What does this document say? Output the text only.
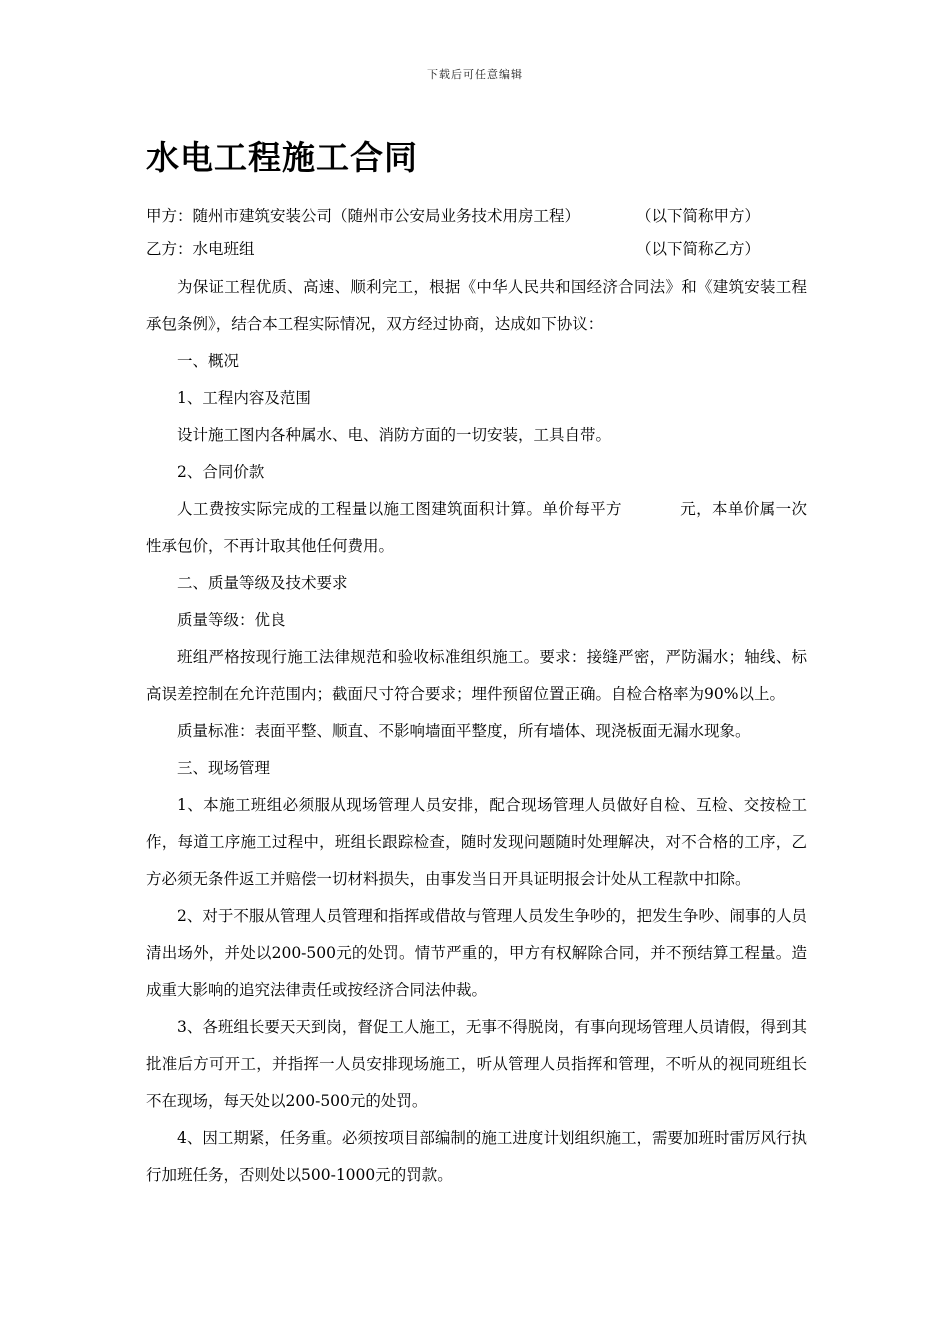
下载后可任意编辑
水电工程施工合同
甲方：随州市建筑安装公司（随州市公安局业务技术用房工程）	（以下简称甲方）
乙方：水电班组	（以下简称乙方）
为保证工程优质、高速、顺利完工，根据《中华人民共和国经济合同法》和《建筑安装工程承包条例》，结合本工程实际情况，双方经过协商，达成如下协议：
一、概况
1、工程内容及范围
设计施工图内各种属水、电、消防方面的一切安装，工具自带。
2、合同价款
人工费按实际完成的工程量以施工图建筑面积计算。单价每平方	元，本单价属一次性承包价，不再计取其他任何费用。
二、质量等级及技术要求
质量等级：优良
班组严格按现行施工法律规范和验收标准组织施工。要求：接缝严密，严防漏水；轴线、标高误差控制在允许范围内；截面尺寸符合要求；埋件预留位置正确。自检合格率为90%以上。
质量标准：表面平整、顺直、不影响墙面平整度，所有墙体、现浇板面无漏水现象。
三、现场管理
1、本施工班组必须服从现场管理人员安排，配合现场管理人员做好自检、互检、交按检工作，每道工序施工过程中，班组长跟踪检查，随时发现问题随时处理解决，对不合格的工序，乙方必须无条件返工并赔偿一切材料损失，由事发当日开具证明报会计处从工程款中扣除。
2、对于不服从管理人员管理和指挥或借故与管理人员发生争吵的，把发生争吵、闹事的人员清出场外，并处以200-500元的处罚。情节严重的，甲方有权解除合同，并不预结算工程量。造成重大影响的追究法律责任或按经济合同法仲裁。
3、各班组长要天天到岗，督促工人施工，无事不得脱岗，有事向现场管理人员请假，得到其批准后方可开工，并指挥一人员安排现场施工，听从管理人员指挥和管理，不听从的视同班组长不在现场，每天处以200-500元的处罚。
4、因工期紧，任务重。必须按项目部编制的施工进度计划组织施工，需要加班时雷厉风行执行加班任务，否则处以500-1000元的罚款。
